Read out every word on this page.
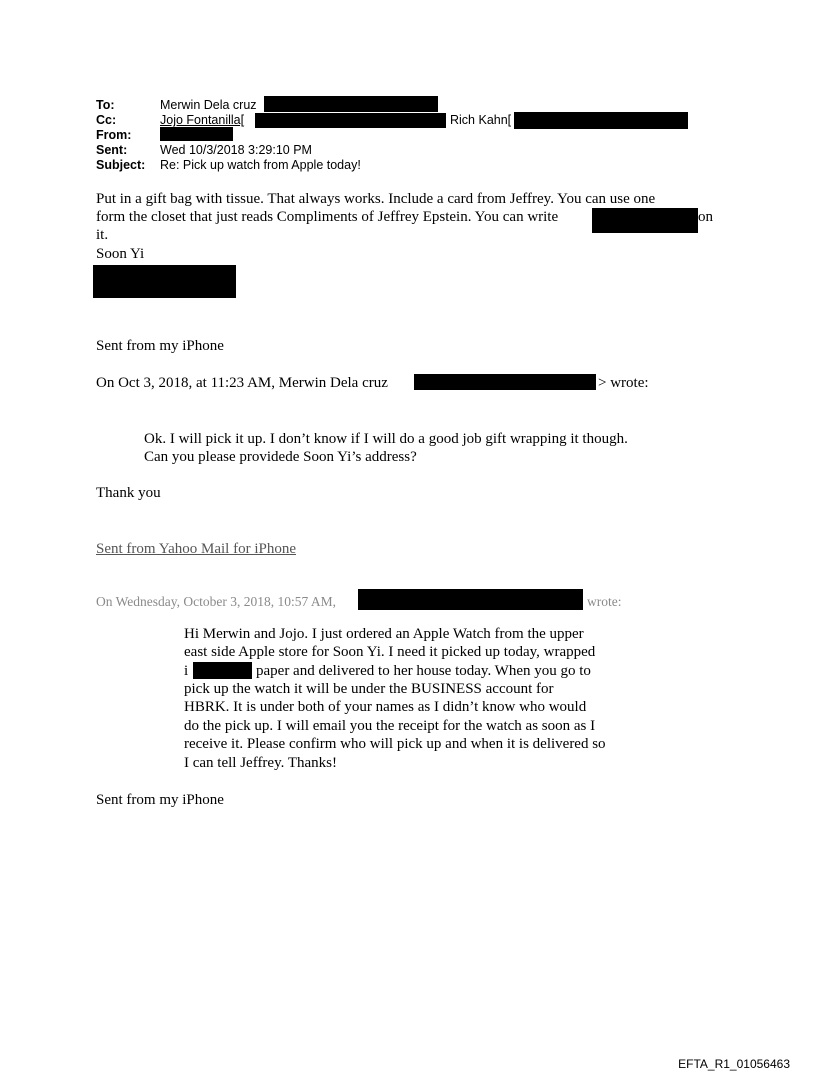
To:	Merwin Dela cruz
Cc:	Jojo Fontanilla[	Rich Kahn[
From:
Sent:	Wed 10/3/2018 3:29:10 PM
Subject: Re: Pick up watch from Apple today!
Put in a gift bag with tissue. That always works. Include a card from Jeffrey. You can use one
form the closet that just reads Compliments of Jeffrey Epstein. You can write	on
it.
Soon Yi
Sent from my iPhone
On Oct 3, 2018, at 11:23 AM, Merwin Dela cruz	> wrote:
Ok. I will pick it up. I don’t know if I will do a good job gift wrapping it though.
Can you please providede Soon Yi’s address?
Thank you
Sent from Yahoo Mail for iPhone
On Wednesday, October 3, 2018, 10:57 AM,	wrote:
Hi Merwin and Jojo. I just ordered an Apple Watch from the upper
east side Apple store for Soon Yi. I need it picked up today, wrapped
i	paper and delivered to her house today. When you go to
pick up the watch it will be under the BUSINESS account for
HBRK. It is under both of your names as I didn’t know who would
do the pick up. I will email you the receipt for the watch as soon as I
receive it. Please confirm who will pick up and when it is delivered so
I can tell Jeffrey. Thanks!
Sent from my iPhone
EFTA_R1_01056463
